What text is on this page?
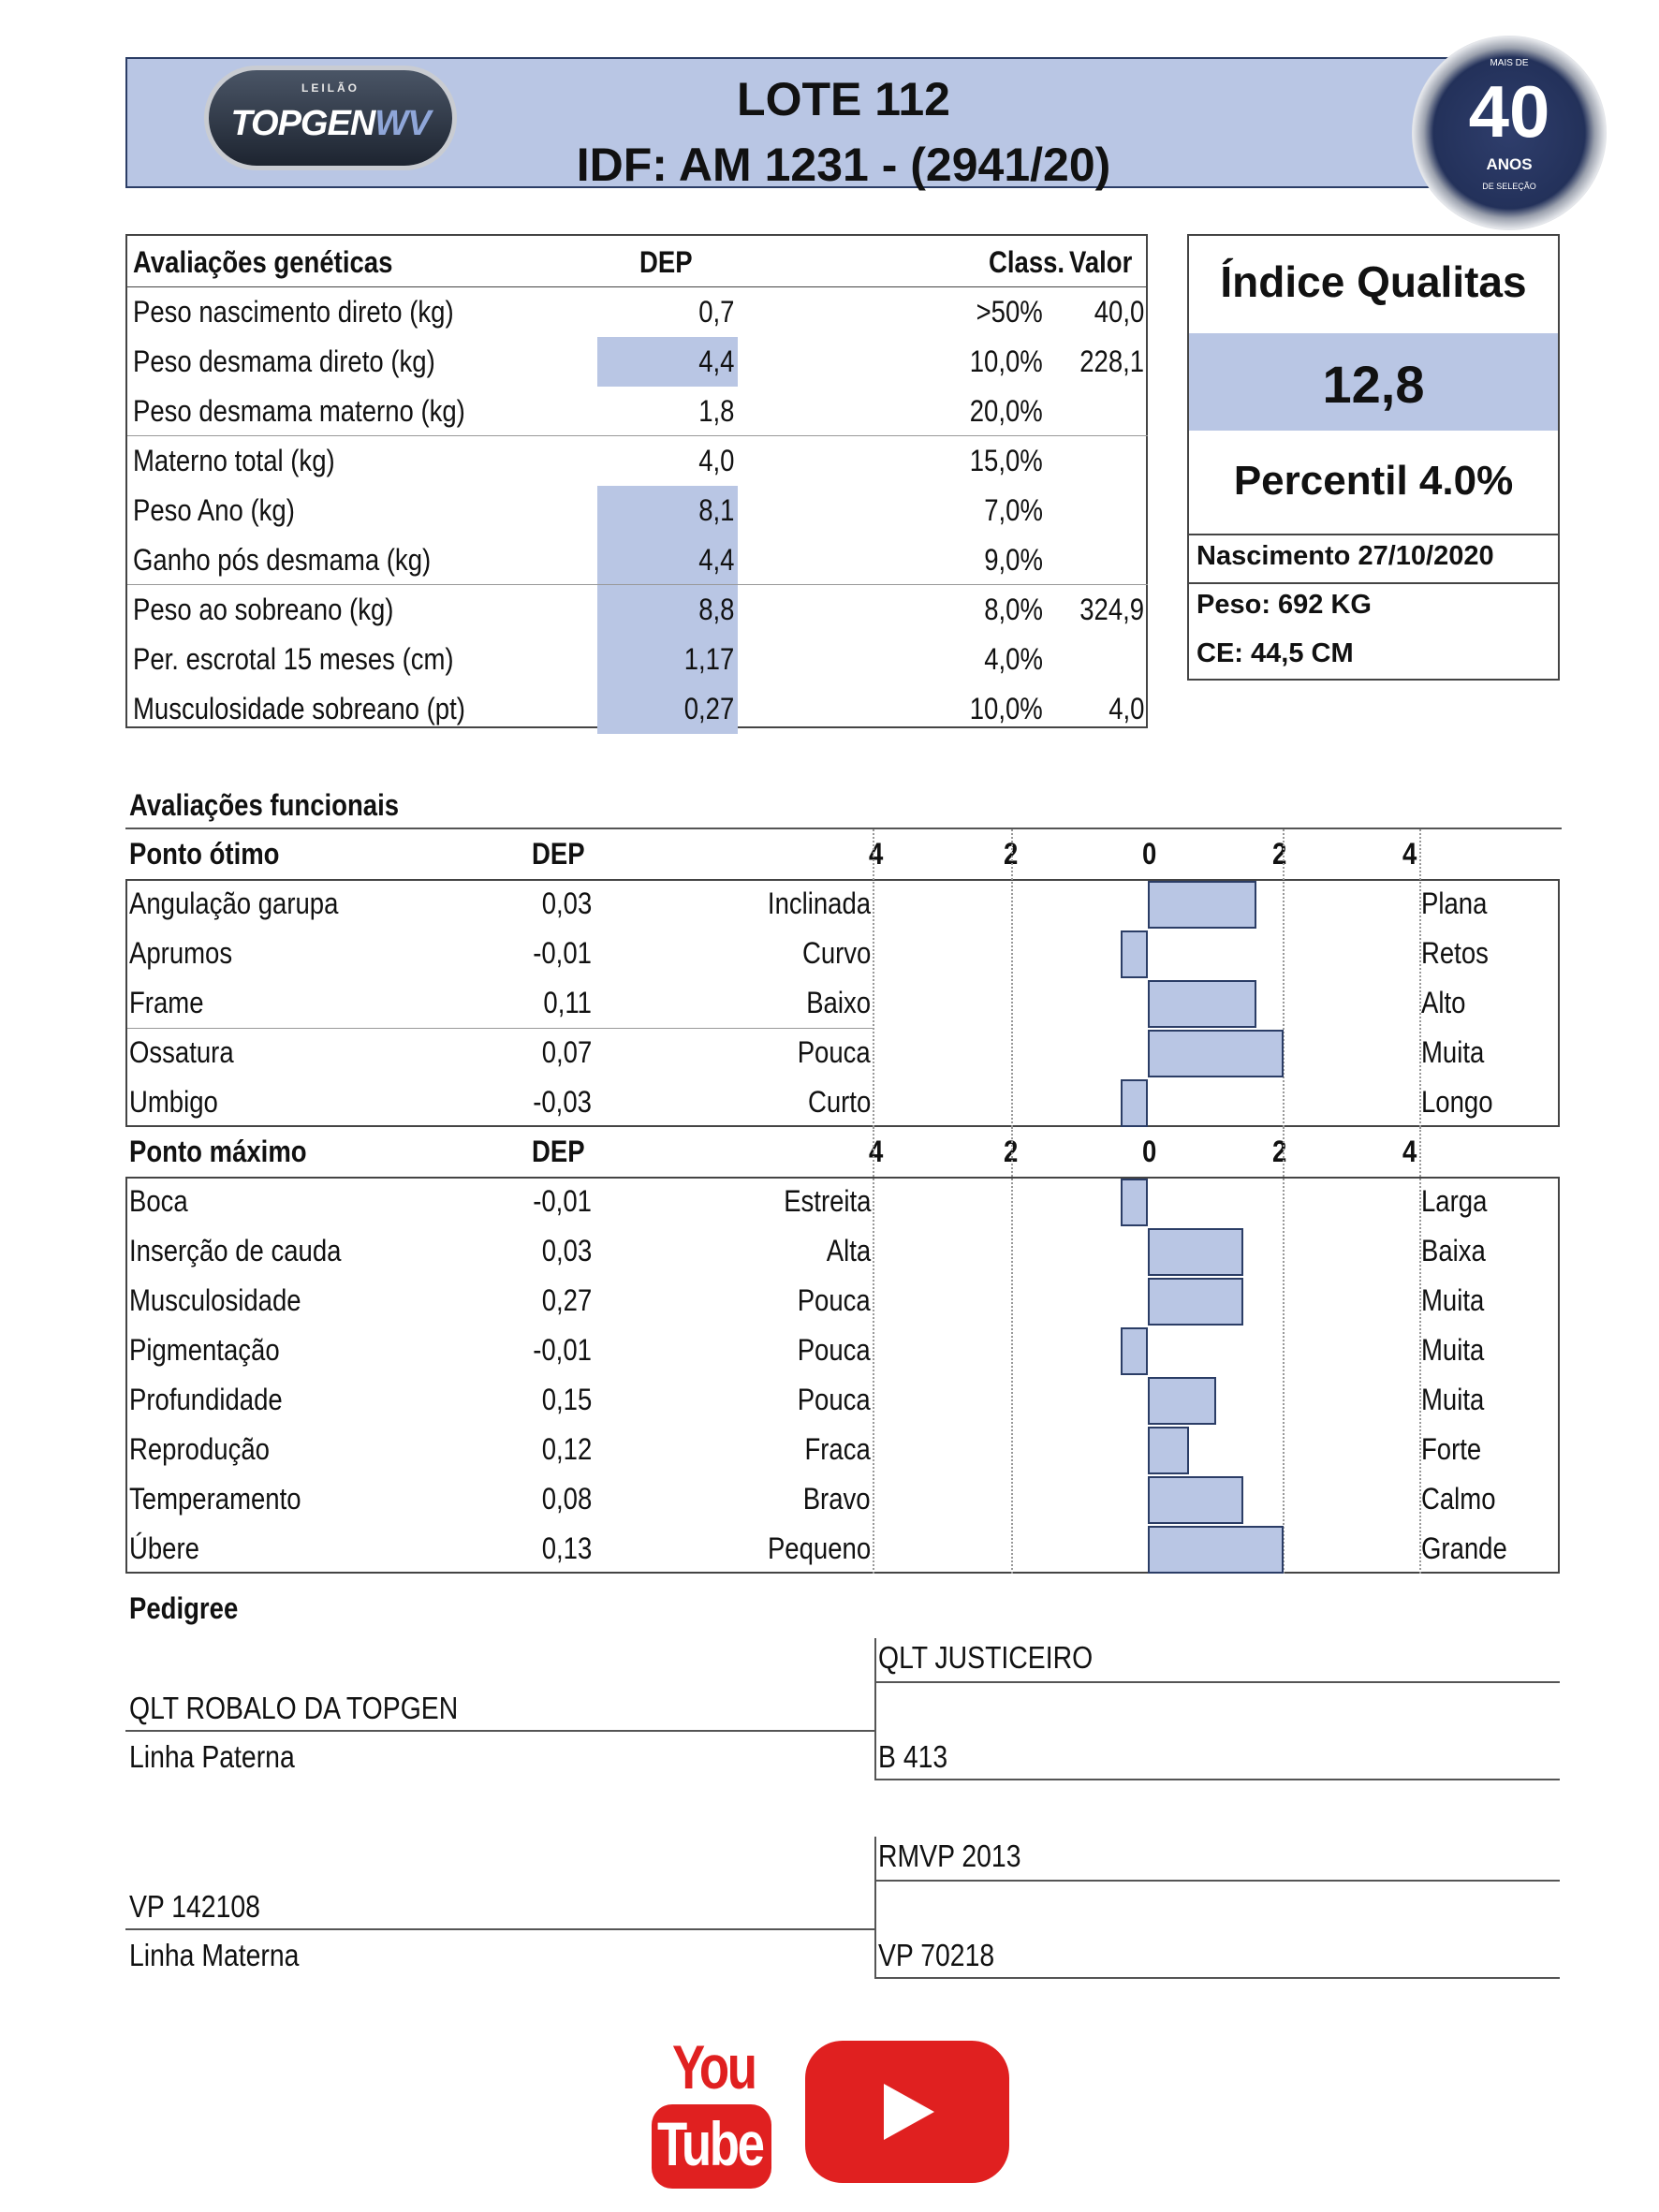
LOTE 112
IDF: AM 1231 - (2941/20)
LEILÃO
TOPGENWV
MAIS DE
40
ANOS
DE SELEÇÃO
Avaliações genéticas	DEP	Class. Valor
Peso nascimento direto (kg)	0,7	>50%	40,0
Peso desmama direto (kg)	4,4	10,0%	228,1
Peso desmama materno (kg)	1,8	20,0%
Materno total (kg)	4,0	15,0%
Peso Ano (kg)	8,1	7,0%
Ganho pós desmama (kg)	4,4	9,0%
Peso ao sobreano (kg)	8,8	8,0%	324,9
Per. escrotal 15 meses (cm)	1,17	4,0%
Musculosidade sobreano (pt)	0,27	10,0%	4,0
Índice Qualitas
12,8
Percentil 4.0%
Nascimento 27/10/2020
Peso: 692 KG
CE: 44,5 CM
Avaliações funcionais
Ponto ótimo	DEP	4	2	0	2	4
Angulação garupa	0,03	Inclinada	Plana
Aprumos	-0,01	Curvo	Retos
Frame	0,11	Baixo	Alto
Ossatura	0,07	Pouca	Muita
Umbigo	-0,03	Curto	Longo
Ponto máximo	DEP	4	2	0	2	4
Boca	-0,01	Estreita	Larga
Inserção de cauda	0,03	Alta	Baixa
Musculosidade	0,27	Pouca	Muita
Pigmentação	-0,01	Pouca	Muita
Profundidade	0,15	Pouca	Muita
Reprodução	0,12	Fraca	Forte
Temperamento	0,08	Bravo	Calmo
Úbere	0,13	Pequeno	Grande
Pedigree
QLT JUSTICEIRO
QLT ROBALO DA TOPGEN
Linha Paterna	B 413
RMVP 2013
VP 142108
Linha Materna	VP 70218
You
Tube
